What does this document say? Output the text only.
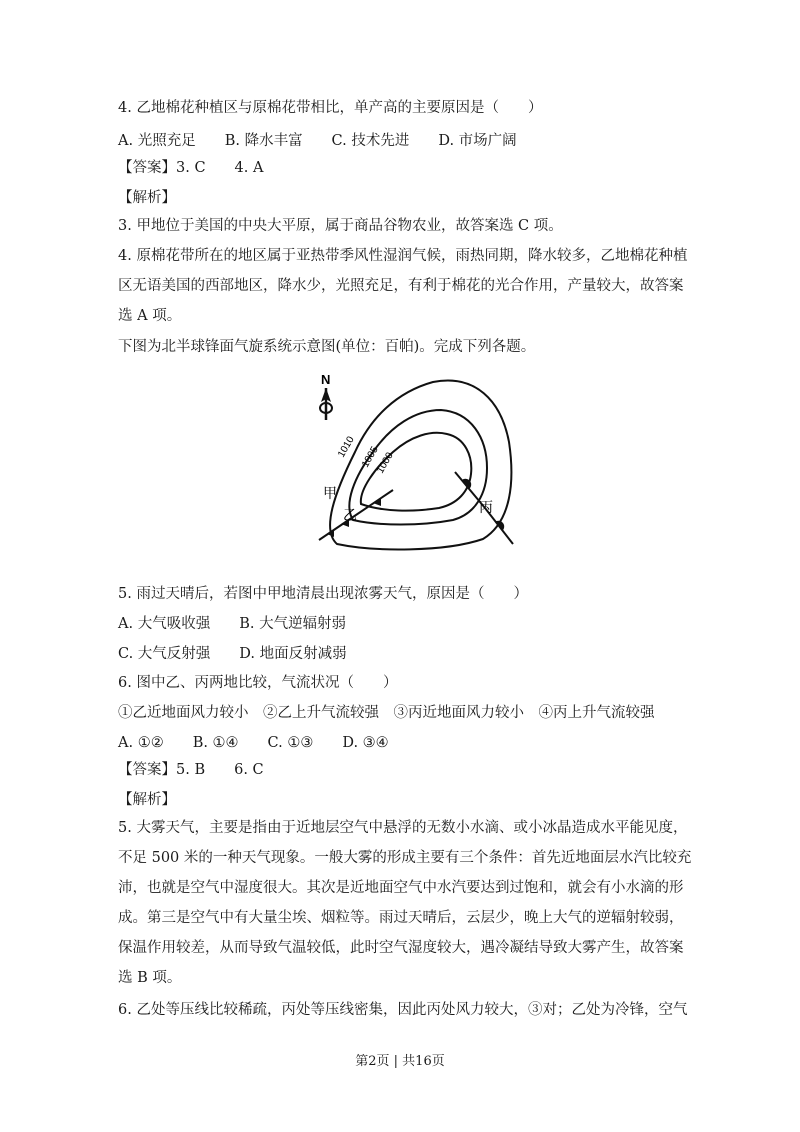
4. 乙地棉花种植区与原棉花带相比，单产高的主要原因是（　　）
A. 光照充足　　B. 降水丰富　　C. 技术先进　　D. 市场广阔
【答案】3. C　　4. A
【解析】
3. 甲地位于美国的中央大平原，属于商品谷物农业，故答案选 C 项。
4. 原棉花带所在的地区属于亚热带季风性湿润气候，雨热同期，降水较多，乙地棉花种植
区无语美国的西部地区，降水少，光照充足，有利于棉花的光合作用，产量较大，故答案
选 A 项。
下图为北半球锋面气旋系统示意图(单位：百帕)。完成下列各题。
N
1010 1005
1000
甲
乙	丙
5. 雨过天晴后，若图中甲地清晨出现浓雾天气，原因是（　　）
A. 大气吸收强　　B. 大气逆辐射弱
C. 大气反射强　　D. 地面反射减弱
6. 图中乙、丙两地比较，气流状况（　　）
①乙近地面风力较小　②乙上升气流较强　③丙近地面风力较小　④丙上升气流较强
A. ①②　　B. ①④　　C. ①③　　D. ③④
【答案】5. B　　6. C
【解析】
5. 大雾天气，主要是指由于近地层空气中悬浮的无数小水滴、或小冰晶造成水平能见度，
不足 500 米的一种天气现象。一般大雾的形成主要有三个条件：首先近地面层水汽比较充
沛，也就是空气中湿度很大。其次是近地面空气中水汽要达到过饱和，就会有小水滴的形
成。第三是空气中有大量尘埃、烟粒等。雨过天晴后，云层少，晚上大气的逆辐射较弱，
保温作用较差，从而导致气温较低，此时空气湿度较大，遇冷凝结导致大雾产生，故答案
选 B 项。
6. 乙处等压线比较稀疏，丙处等压线密集，因此丙处风力较大，③对；乙处为冷锋，空气
第2页 | 共16页
